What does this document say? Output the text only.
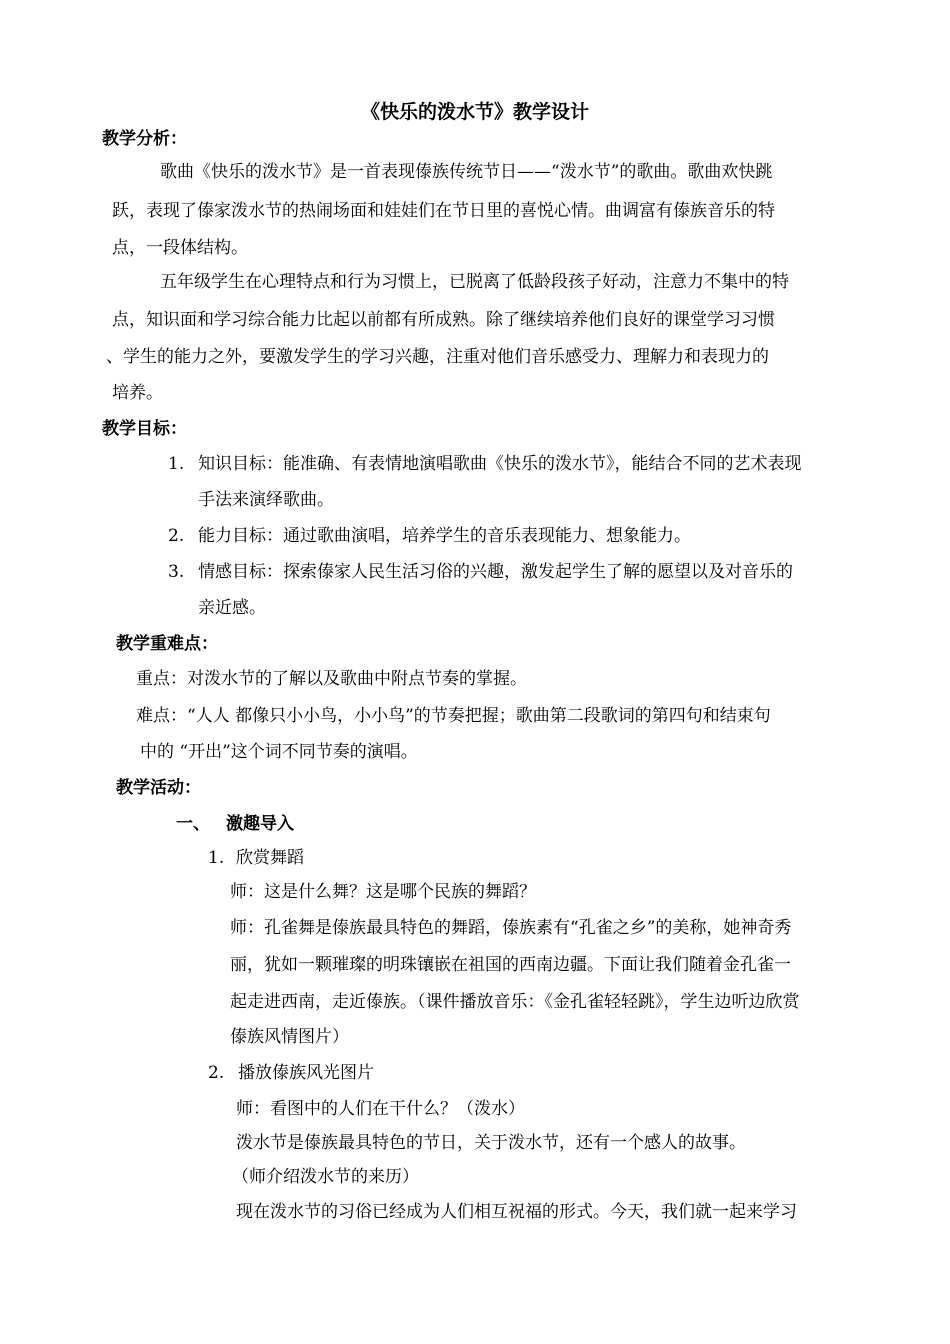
《快乐的泼水节》教学设计
教学分析：
歌曲《快乐的泼水节》是一首表现傣族传统节日——“泼水节”的歌曲。歌曲欢快跳
跃，表现了傣家泼水节的热闹场面和娃娃们在节日里的喜悦心情。曲调富有傣族音乐的特
点，一段体结构。
五年级学生在心理特点和行为习惯上，已脱离了低龄段孩子好动，注意力不集中的特
点，知识面和学习综合能力比起以前都有所成熟。除了继续培养他们良好的课堂学习习惯
、学生的能力之外，要激发学生的学习兴趣，注重对他们音乐感受力、理解力和表现力的
培养。
教学目标：
1. 知识目标：能准确、有表情地演唱歌曲《快乐的泼水节》，能结合不同的艺术表现
手法来演绎歌曲。
2. 能力目标：通过歌曲演唱，培养学生的音乐表现能力、想象能力。
3. 情感目标：探索傣家人民生活习俗的兴趣，激发起学生了解的愿望以及对音乐的
亲近感。
教学重难点：
重点：对泼水节的了解以及歌曲中附点节奏的掌握。
难点：“人人 都像只小小鸟，小小鸟”的节奏把握；歌曲第二段歌词的第四句和结束句
中的 “开出”这个词不同节奏的演唱。
教学活动：
一、 激趣导入
1. 欣赏舞蹈
师：这是什么舞？这是哪个民族的舞蹈？
师：孔雀舞是傣族最具特色的舞蹈，傣族素有“孔雀之乡”的美称，她神奇秀
丽，犹如一颗璀璨的明珠镶嵌在祖国的西南边疆。下面让我们随着金孔雀一
起走进西南，走近傣族。（课件播放音乐：《金孔雀轻轻跳》，学生边听边欣赏
傣族风情图片）
2. 播放傣族风光图片
师：看图中的人们在干什么？（泼水）
泼水节是傣族最具特色的节日，关于泼水节，还有一个感人的故事。
（师介绍泼水节的来历）
现在泼水节的习俗已经成为人们相互祝福的形式。今天，我们就一起来学习
